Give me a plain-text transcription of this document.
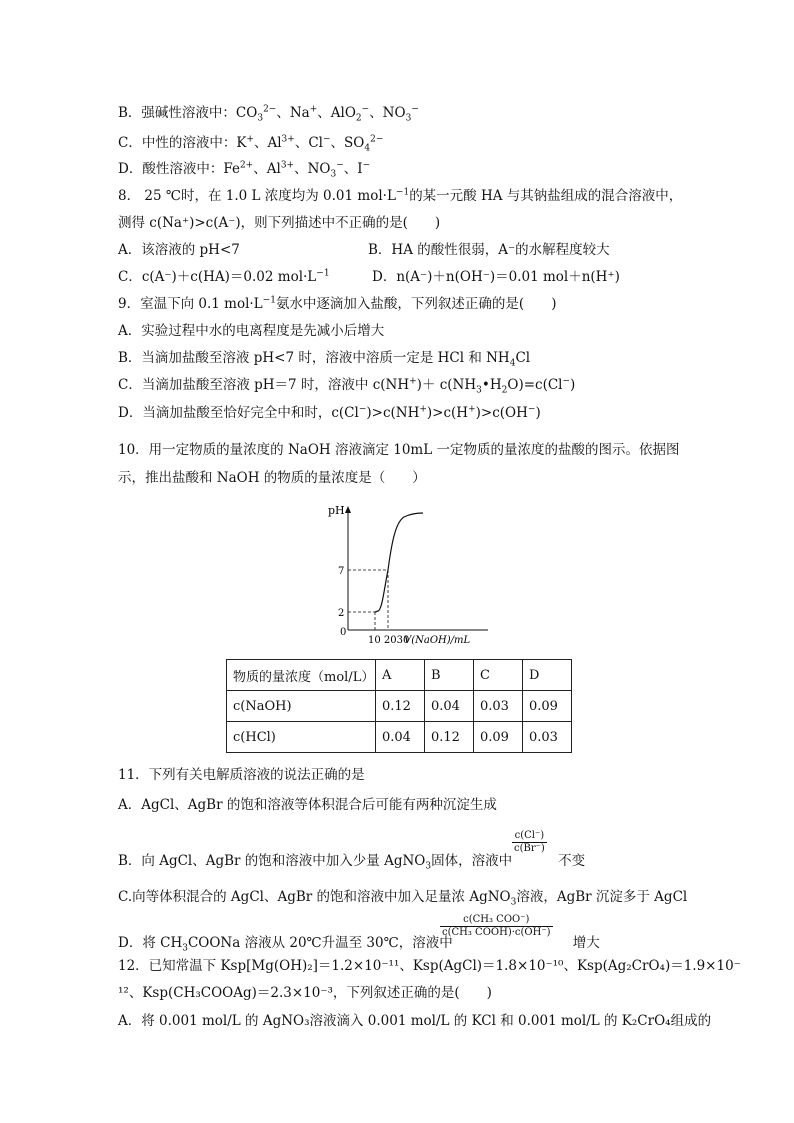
B．强碱性溶液中：$CO_3^{2-}$、Na+、AlO$_2$−、$NO_3^-$
C．中性的溶液中：K+、$Al^{3+}$、Cl−、$SO_4^{2-}$
D．酸性溶液中：$Fe^{2+}$、$Al^{3+}$、$NO_3^-$、I−
8． 25 ℃时，在 1.0 L 浓度均为 0.01 $mol\cdot L^{-1}$的某一元酸 HA 与其钠盐组成的混合溶液中，
测得 c(Na⁺)>c(A⁻)，则下列描述中不正确的是(　　)
A．该溶液的 pH<7	B．HA 的酸性很弱，A⁻的水解程度较大
C．c(A⁻)＋c(HA)＝0.02 $mol\cdot L^{-1}$	D．n(A⁻)＋n(OH⁻)＝0.01 mol＋n(H⁺)
9．室温下向 0.1 $mol\cdot L^{-1}$氨水中逐滴加入盐酸，下列叙述正确的是(　　)
A．实验过程中水的电离程度是先减小后增大
B．当滴加盐酸至溶液 pH<7 时，溶液中溶质一定是 HCl 和 $NH_4Cl$
C．当滴加盐酸至溶液 pH＝7 时，溶液中 $c(NH^+)+ c(NH_3•H_2O)=c(Cl^-)$
D．当滴加盐酸至恰好完全中和时，c(Cl−)>c(NH+)>c(H+)>c(OH−)
10．用一定物质的量浓度的 NaOH 溶液滴定 10mL 一定物质的量浓度的盐酸的图示。依据图
示，推出盐酸和 NaOH 的物质的量浓度是（　　）
pH
7
2
0
10 2030
V(NaOH)/mL
物质的量浓度（mol/L）	A	B	C	D
c(NaOH)	0.12	0.04	0.03	0.09
c(HCl)	0.04	0.12	0.09	0.03
11．下列有关电解质溶液的说法正确的是
A．AgCl、AgBr 的饱和溶液等体积混合后可能有两种沉淀生成
B．向 AgCl、AgBr 的饱和溶液中加入少量 AgNO$_3$固体，溶液中	不变
$\frac{c(Cl^-)}{c(Br^-)}$
C.向等体积混合的 AgCl、AgBr 的饱和溶液中加入足量浓 AgNO$_3$溶液，AgBr 沉淀多于 AgCl
D．将 $CH_3COONa$ 溶液从 20℃升温至 30℃，溶液中	增大
c(CH₃ COO⁻)
c(CH₃ COOH)·c(OH⁻)
12．已知常温下 Ksp[Mg(OH)₂]＝1.2×10⁻¹¹、Ksp(AgCl)＝1.8×10⁻¹⁰、Ksp(Ag₂CrO₄)＝1.9×10⁻
¹²、Ksp(CH₃COOAg)＝2.3×10⁻³，下列叙述正确的是(　　)
A．将 0.001 mol/L 的 AgNO₃溶液滴入 0.001 mol/L 的 KCl 和 0.001 mol/L 的 K₂CrO₄组成的
